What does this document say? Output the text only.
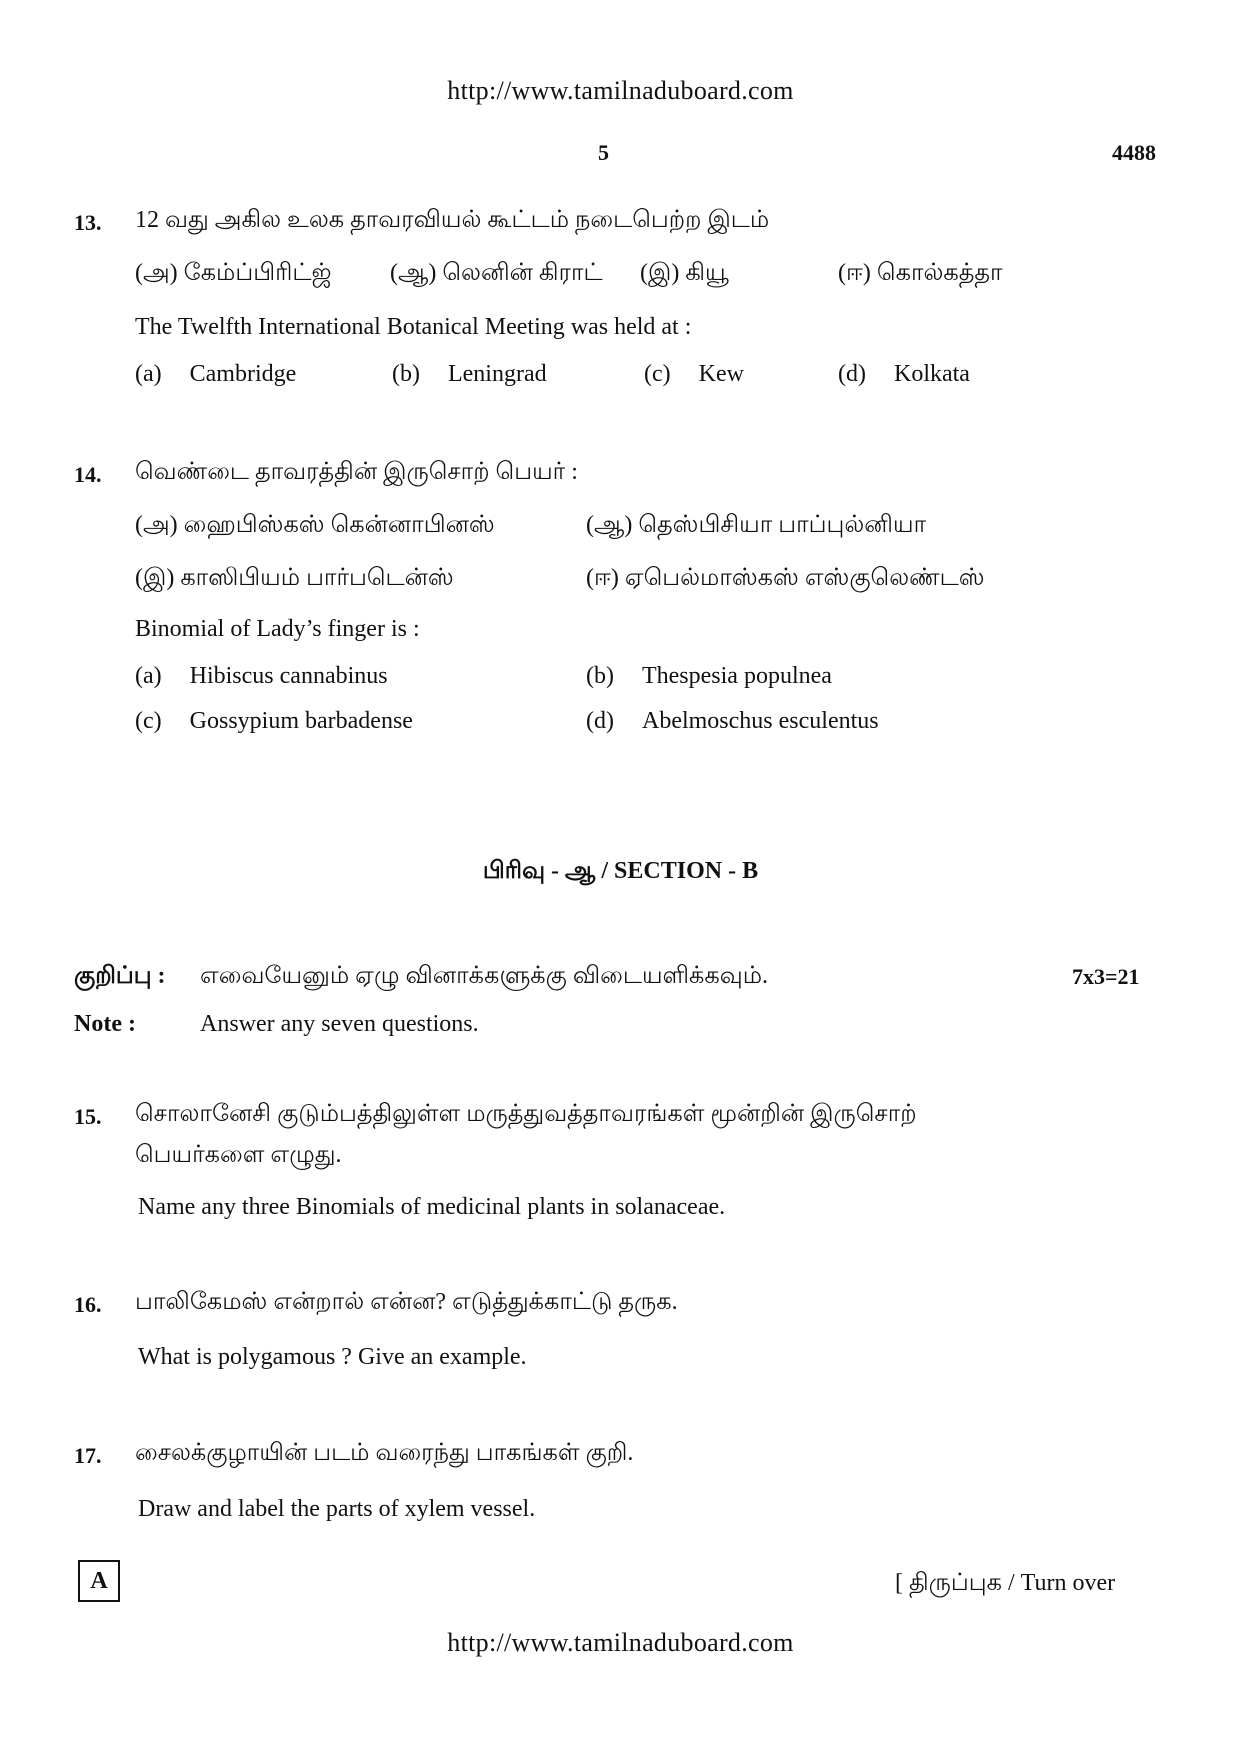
http://www.tamilnaduboard.com
5	4488
13. 12 வது அகில உலக தாவரவியல் கூட்டம் நடைபெற்ற இடம்
(அ) கேம்ப்பிரிட்ஜ் (ஆ) லெனின் கிராட் (இ) கியூ	(ஈ) கொல்கத்தா
The Twelfth International Botanical Meeting was held at :
(a) Cambridge	(b) Leningrad	(c) Kew	(d) Kolkata
14. வெண்டை தாவரத்தின் இருசொற் பெயர் :
(அ) ஹைபிஸ்கஸ் கென்னாபினஸ்	(ஆ) தெஸ்பிசியா பாப்புல்னியா
(இ) காஸிபியம் பார்படென்ஸ்	(ஈ) ஏபெல்மாஸ்கஸ் எஸ்குலெண்டஸ்
Binomial of Lady’s finger is :
(a) Hibiscus cannabinus	(b) Thespesia populnea
(c) Gossypium barbadense	(d) Abelmoschus esculentus
பிரிவு - ஆ / SECTION - B
குறிப்பு : எவையேனும் ஏழு வினாக்களுக்கு விடையளிக்கவும்.	7x3=21
Note :	Answer any seven questions.
15. சொலானேசி குடும்பத்திலுள்ள மருத்துவத்தாவரங்கள் மூன்றின் இருசொற்
பெயர்களை எழுது.
Name any three Binomials of medicinal plants in solanaceae.
16. பாலிகேமஸ் என்றால் என்ன? எடுத்துக்காட்டு தருக.
What is polygamous ? Give an example.
17. சைலக்குழாயின் படம் வரைந்து பாகங்கள் குறி.
Draw and label the parts of xylem vessel.
A	[ திருப்புக / Turn over
http://www.tamilnaduboard.com
